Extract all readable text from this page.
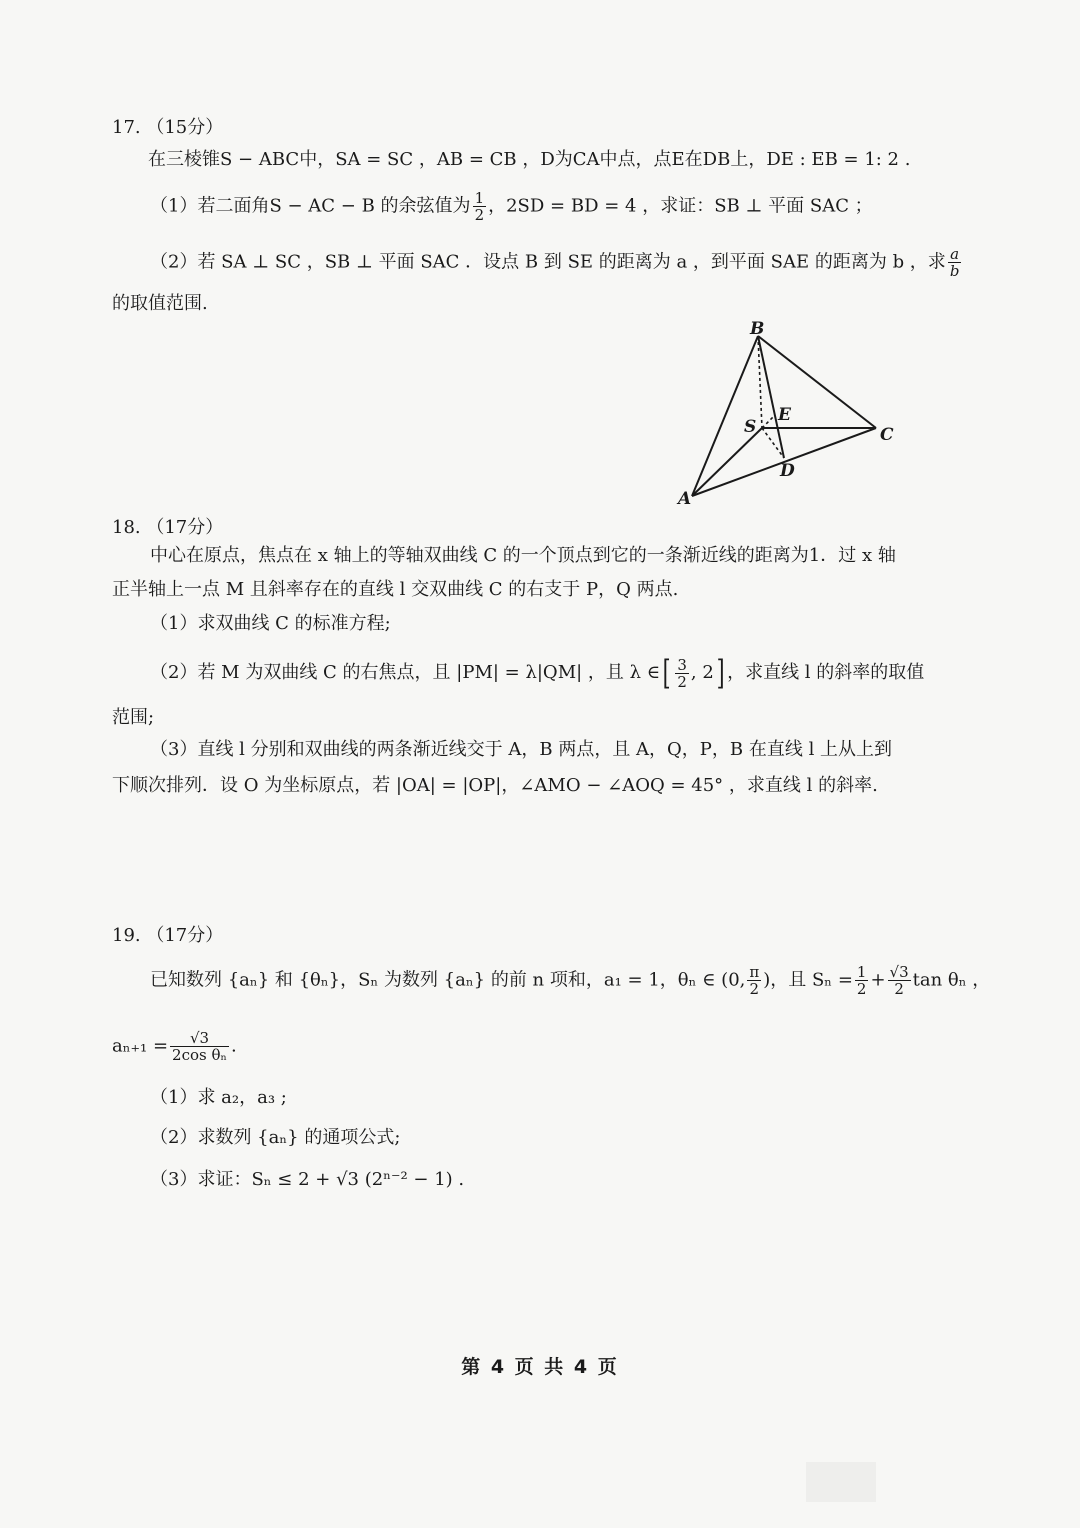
17. （15分）
在三棱锥S − ABC中，SA = SC ，AB = CB ，D为CA中点，点E在DB上，DE : EB = 1: 2 .
（1）若二面角S − AC − B 的余弦值为 $\frac{1}{2}$ ，2SD = BD = 4 ，求证：SB ⊥ 平面 SAC ；
（2）若 SA ⊥ SC ，SB ⊥ 平面 SAC ．设点 B 到 SE 的距离为 a ，到平面 SAE 的距离为 b ，求 $\frac{a}{b}$
的取值范围.
B
S
E
C
D
A
18. （17分）
中心在原点，焦点在 x 轴上的等轴双曲线 C 的一个顶点到它的一条渐近线的距离为1．过 x 轴
正半轴上一点 M 且斜率存在的直线 l 交双曲线 C 的右支于 P，Q 两点.
（1）求双曲线 C 的标准方程;
（2）若 M 为双曲线 C 的右焦点，且 |PM| = λ|QM| ，且 λ ∈[ $\frac{3}{2}$ , 2] ，求直线 l 的斜率的取值
范围;
（3）直线 l 分别和双曲线的两条渐近线交于 A，B 两点，且 A，Q，P，B 在直线 l 上从上到
下顺次排列．设 O 为坐标原点，若 |OA| = |OP|，∠AMO − ∠AOQ = 45° ，求直线 l 的斜率.
19. （17分）
已知数列 {aₙ} 和 {θₙ}，Sₙ 为数列 {aₙ} 的前 n 项和，a₁ = 1，θₙ ∈ (0, $\frac{\pi}{2}$ )，且 $S_n = \frac{1}{2} + \frac{√3}{2}$ tan θₙ ，
$a_{n+1} = \frac{√3}{\text{2cos θₙ}}$ .
（1）求 a₂，a₃ ;
（2）求数列 {aₙ} 的通项公式;
（3）求证：Sₙ ≤ 2 + √3 (2ⁿ⁻² − 1) .
第 4 页 共 4 页
